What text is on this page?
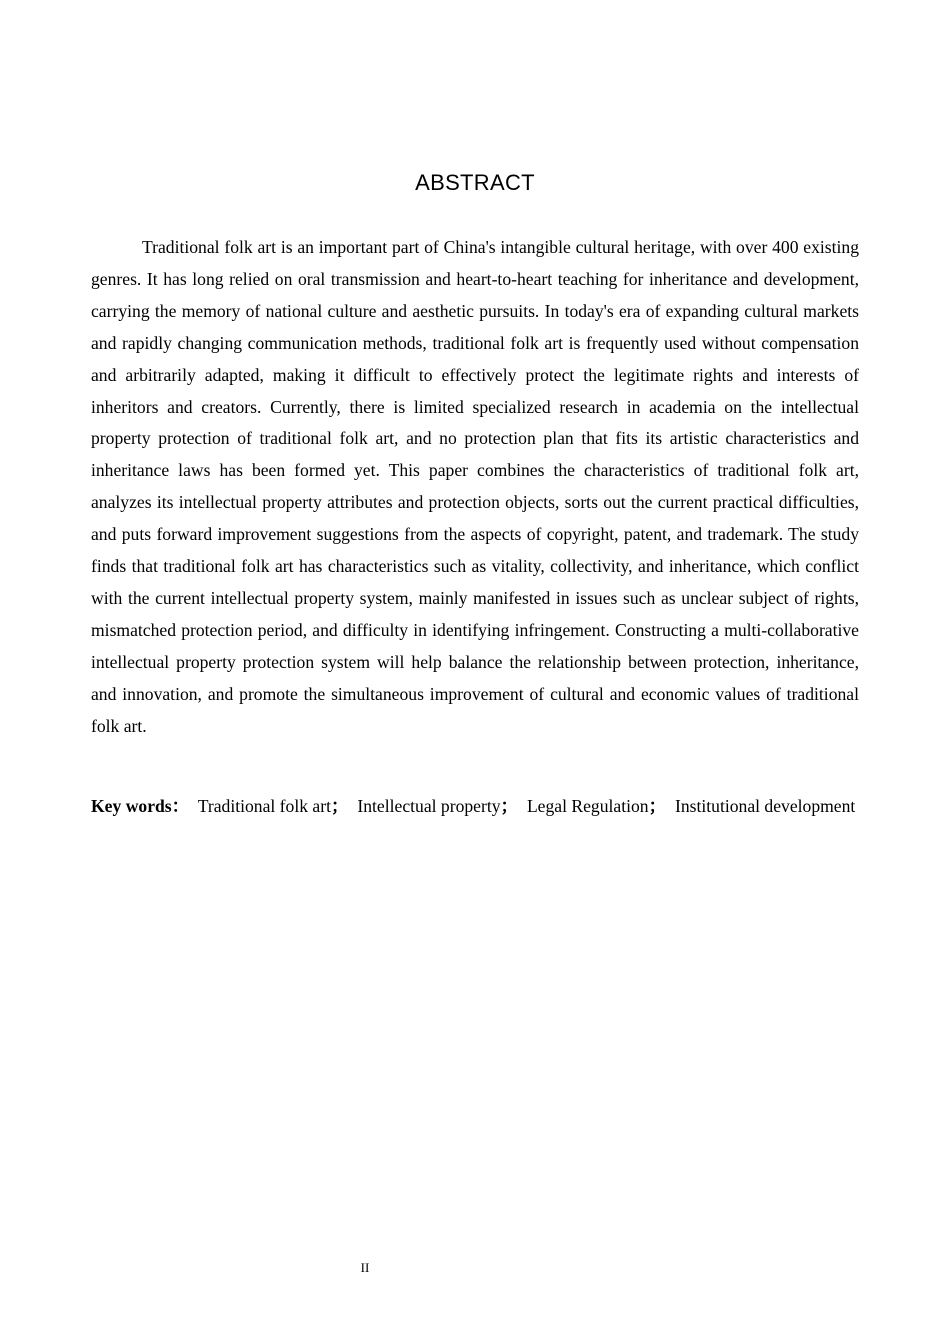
ABSTRACT

Traditional folk art is an important part of China's intangible cultural heritage, with over 400 existing genres. It has long relied on oral transmission and heart-to-heart teaching for inheritance and development, carrying the memory of national culture and aesthetic pursuits. In today's era of expanding cultural markets and rapidly changing communication methods, traditional folk art is frequently used without compensation and arbitrarily adapted, making it difficult to effectively protect the legitimate rights and interests of inheritors and creators. Currently, there is limited specialized research in academia on the intellectual property protection of traditional folk art, and no protection plan that fits its artistic characteristics and inheritance laws has been formed yet. This paper combines the characteristics of traditional folk art, analyzes its intellectual property attributes and protection objects, sorts out the current practical difficulties, and puts forward improvement suggestions from the aspects of copyright, patent, and trademark. The study finds that traditional folk art has characteristics such as vitality, collectivity, and inheritance, which conflict with the current intellectual property system, mainly manifested in issues such as unclear subject of rights, mismatched protection period, and difficulty in identifying infringement. Constructing a multi-collaborative intellectual property protection system will help balance the relationship between protection, inheritance, and innovation, and promote the simultaneous improvement of cultural and economic values of traditional folk art.

Key words： Traditional folk art； Intellectual property； Legal Regulation； Institutional development

II
